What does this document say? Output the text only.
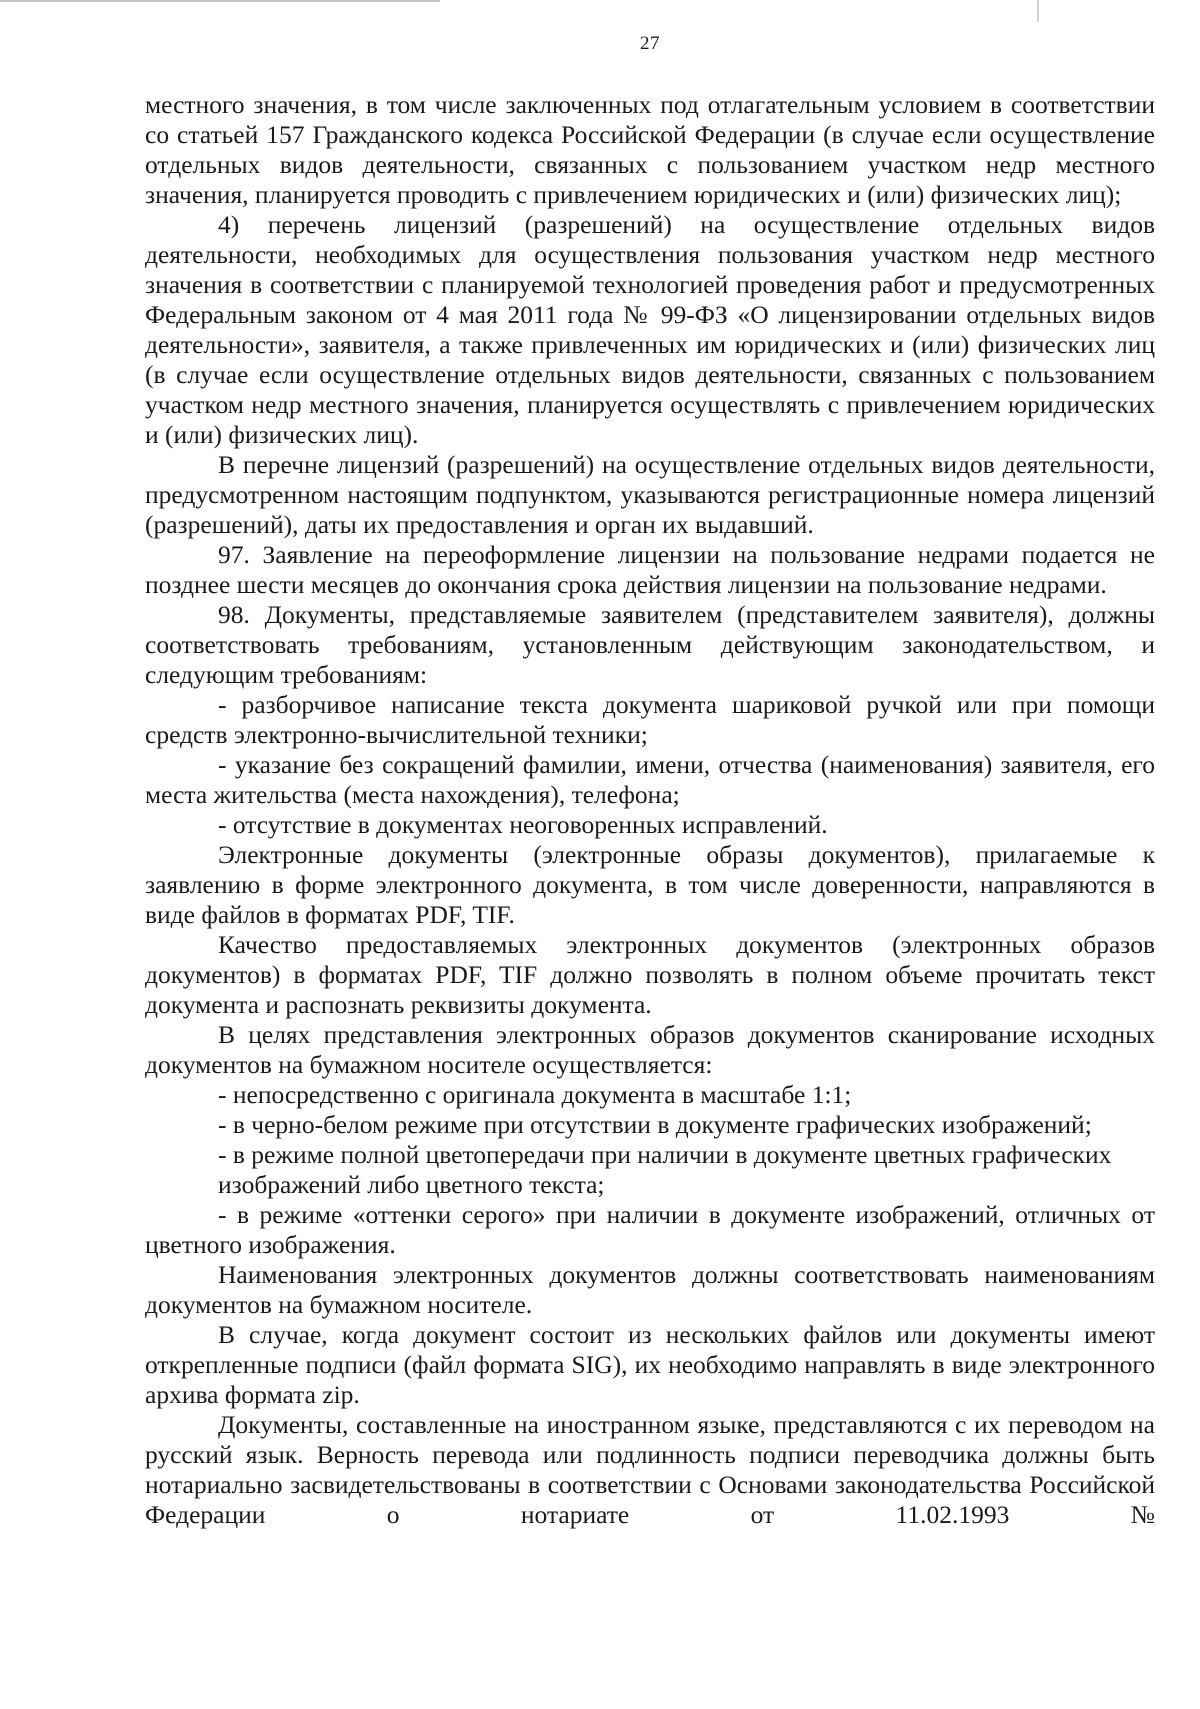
27

местного значения, в том числе заключенных под отлагательным условием в соответствии со статьей 157 Гражданского кодекса Российской Федерации (в случае если осуществление отдельных видов деятельности, связанных с пользованием участком недр местного значения, планируется проводить с привлечением юридических и (или) физических лиц);

4) перечень лицензий (разрешений) на осуществление отдельных видов деятельности, необходимых для осуществления пользования участком недр местного значения в соответствии с планируемой технологией проведения работ и предусмотренных Федеральным законом от 4 мая 2011 года № 99-ФЗ «О лицензировании отдельных видов деятельности», заявителя, а также привлеченных им юридических и (или) физических лиц (в случае если осуществление отдельных видов деятельности, связанных с пользованием участком недр местного значения, планируется осуществлять с привлечением юридических и (или) физических лиц).

В перечне лицензий (разрешений) на осуществление отдельных видов деятельности, предусмотренном настоящим подпунктом, указываются регистрационные номера лицензий (разрешений), даты их предоставления и орган их выдавший.

97. Заявление на переоформление лицензии на пользование недрами подается не позднее шести месяцев до окончания срока действия лицензии на пользование недрами.

98. Документы, представляемые заявителем (представителем заявителя), должны соответствовать требованиям, установленным действующим законодательством, и следующим требованиям:

- разборчивое написание текста документа шариковой ручкой или при помощи средств электронно-вычислительной техники;

- указание без сокращений фамилии, имени, отчества (наименования) заявителя, его места жительства (места нахождения), телефона;

- отсутствие в документах неоговоренных исправлений.

Электронные документы (электронные образы документов), прилагаемые к заявлению в форме электронного документа, в том числе доверенности, направляются в виде файлов в форматах PDF, TIF.

Качество предоставляемых электронных документов (электронных образов документов) в форматах PDF, TIF должно позволять в полном объеме прочитать текст документа и распознать реквизиты документа.

В целях представления электронных образов документов сканирование исходных документов на бумажном носителе осуществляется:

- непосредственно с оригинала документа в масштабе 1:1;

- в черно-белом режиме при отсутствии в документе графических изображений;

- в режиме полной цветопередачи при наличии в документе цветных графических изображений либо цветного текста;

- в режиме «оттенки серого» при наличии в документе изображений, отличных от цветного изображения.

Наименования электронных документов должны соответствовать наименованиям документов на бумажном носителе.

В случае, когда документ состоит из нескольких файлов или документы имеют открепленные подписи (файл формата SIG), их необходимо направлять в виде электронного архива формата zip.

Документы, составленные на иностранном языке, представляются с их переводом на русский язык. Верность перевода или подлинность подписи переводчика должны быть нотариально засвидетельствованы в соответствии с Основами законодательства Российской Федерации о нотариате от 11.02.1993 №
